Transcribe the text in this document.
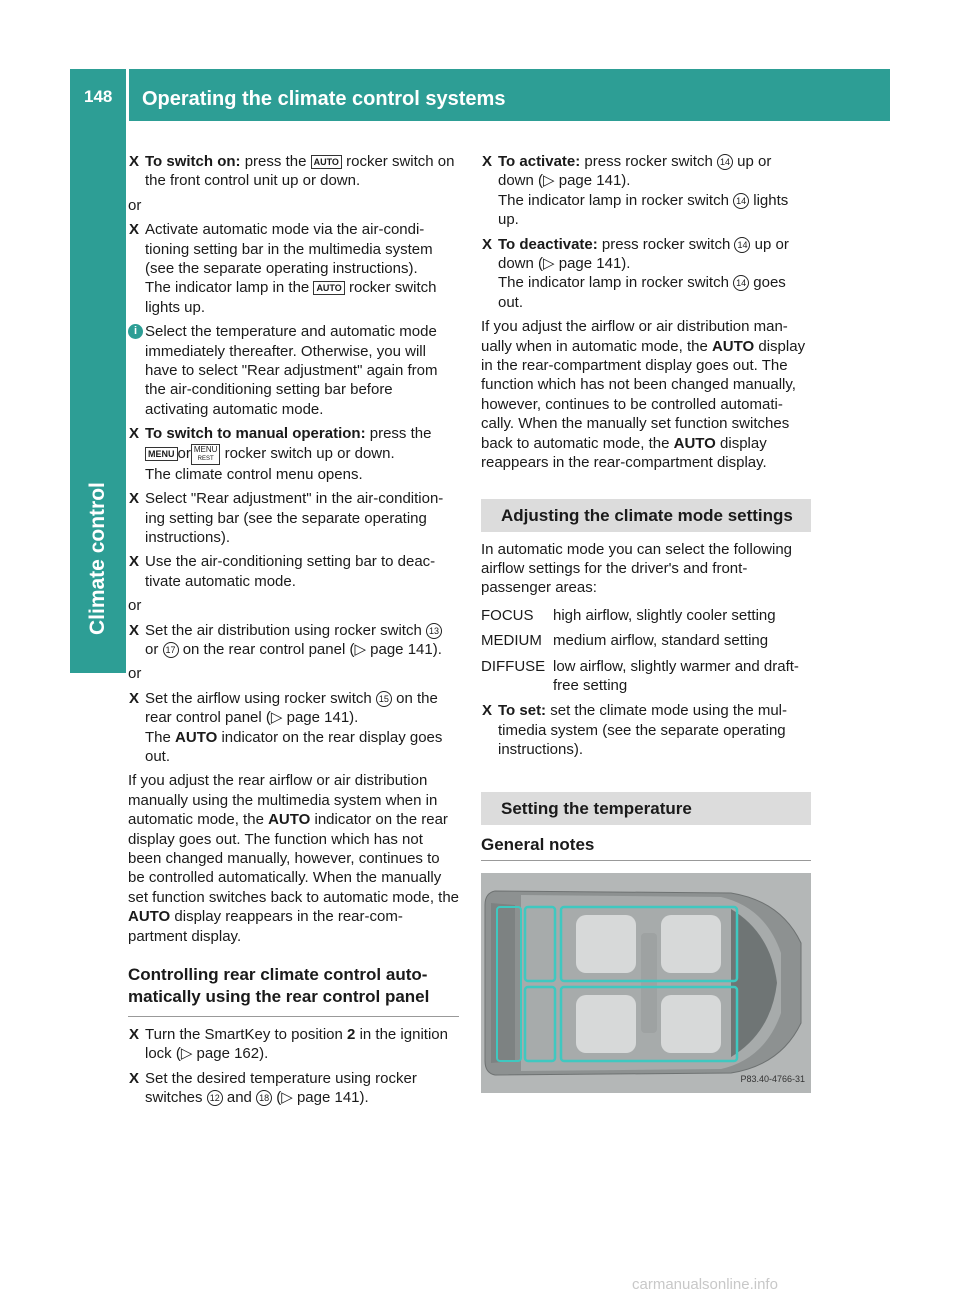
148 Operating the climate control systems
Climate control
X To switch on: press the AUTO rocker switch on the front control unit up or down.
or
X Activate automatic mode via the air-condi-tioning setting bar in the multimedia system (see the separate operating instructions).
The indicator lamp in the AUTO rocker switch lights up.
i Select the temperature and automatic mode immediately thereafter. Otherwise, you will have to select "Rear adjustment" again from the air-conditioning setting bar before activating automatic mode.
X To switch to manual operation: press the
MENU or MENU
REST rocker switch up or down.
The climate control menu opens.
X Select "Rear adjustment" in the air-condition-ing setting bar (see the separate operating instructions).
X Use the air-conditioning setting bar to deac-tivate automatic mode.
or
X Set the air distribution using rocker switch 13 or 17 on the rear control panel (▷ page 141).
or
X Set the airflow using rocker switch 15 on the rear control panel (▷ page 141).
The AUTO indicator on the rear display goes out.
If you adjust the rear airflow or air distribution manually using the multimedia system when in automatic mode, the AUTO indicator on the rear display goes out. The function which has not been changed manually, however, continues to be controlled automatically. When the manually set function switches back to automatic mode, the AUTO display reappears in the rear-com-partment display.
Controlling rear climate control auto-matically using the rear control panel
X Turn the SmartKey to position 2 in the ignition lock (▷ page 162).
X Set the desired temperature using rocker switches 12 and 18 (▷ page 141).
X To activate: press rocker switch 14 up or down (▷ page 141).
The indicator lamp in rocker switch 14 lights up.
X To deactivate: press rocker switch 14 up or down (▷ page 141).
The indicator lamp in rocker switch 14 goes out.
If you adjust the airflow or air distribution man-ually when in automatic mode, the AUTO display in the rear-compartment display goes out. The function which has not been changed manually, however, continues to be controlled automati-cally. When the manually set function switches back to automatic mode, the AUTO display reappears in the rear-compartment display.
Adjusting the climate mode settings
In automatic mode you can select the following airflow settings for the driver's and front-passenger areas:
FOCUS	high airflow, slightly cooler setting
MEDIUM medium airflow, standard setting
DIFFUSE low airflow, slightly warmer and draft-free setting
X To set: set the climate mode using the mul-timedia system (see the separate operating instructions).
Setting the temperature
General notes
P83.40-4766-31
carmanualsonline.info
